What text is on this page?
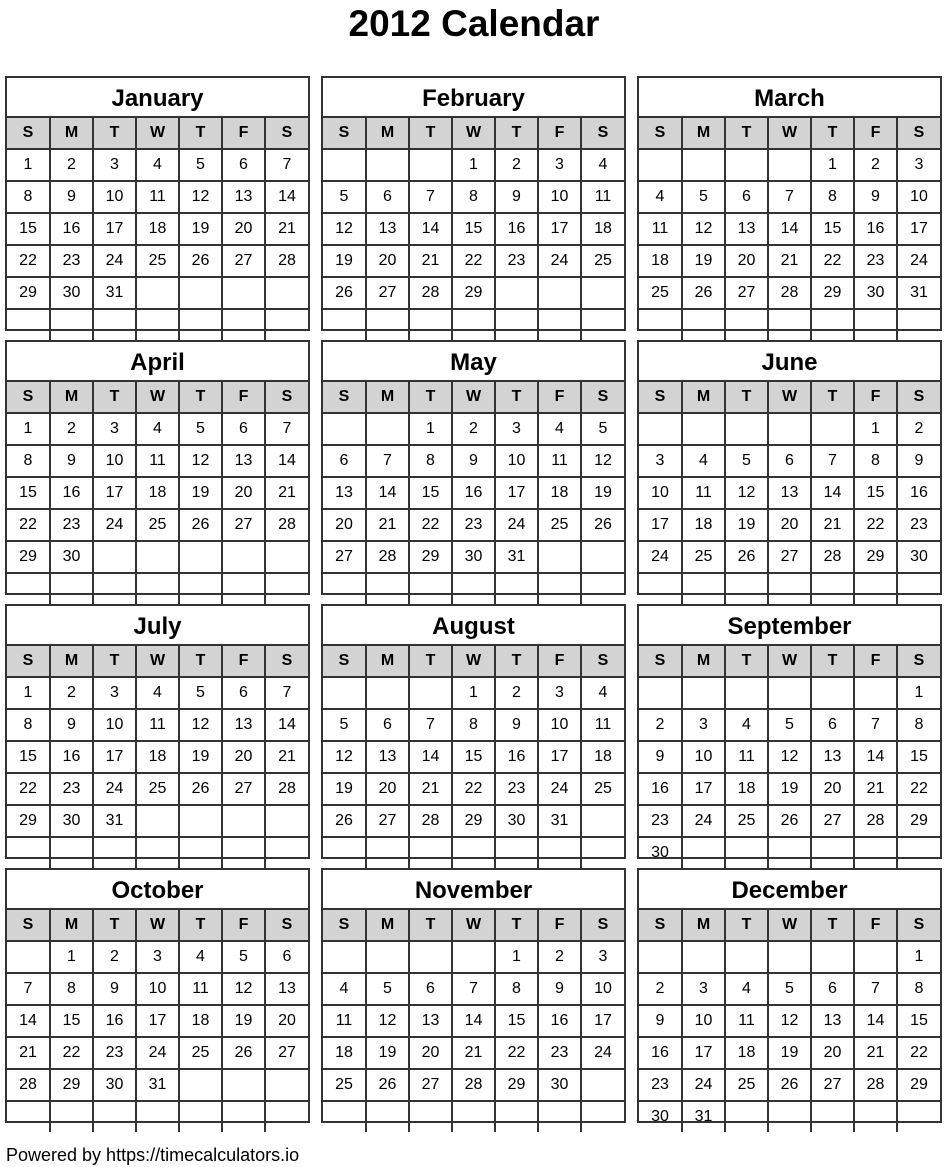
2012 Calendar
January
S	M	T	W	T	F	S
1	2	3	4	5	6	7
8	9	10	11	12	13	14
15	16	17	18	19	20	21
22	23	24	25	26	27	28
29	30	31				

February
S	M	T	W	T	F	S
			1	2	3	4
5	6	7	8	9	10	11
12	13	14	15	16	17	18
19	20	21	22	23	24	25
26	27	28	29			

March
S	M	T	W	T	F	S
				1	2	3
4	5	6	7	8	9	10
11	12	13	14	15	16	17
18	19	20	21	22	23	24
25	26	27	28	29	30	31

April
S	M	T	W	T	F	S
1	2	3	4	5	6	7
8	9	10	11	12	13	14
15	16	17	18	19	20	21
22	23	24	25	26	27	28
29	30					

May
S	M	T	W	T	F	S
		1	2	3	4	5
6	7	8	9	10	11	12
13	14	15	16	17	18	19
20	21	22	23	24	25	26
27	28	29	30	31		

June
S	M	T	W	T	F	S
					1	2
3	4	5	6	7	8	9
10	11	12	13	14	15	16
17	18	19	20	21	22	23
24	25	26	27	28	29	30

July
S	M	T	W	T	F	S
1	2	3	4	5	6	7
8	9	10	11	12	13	14
15	16	17	18	19	20	21
22	23	24	25	26	27	28
29	30	31				

August
S	M	T	W	T	F	S
			1	2	3	4
5	6	7	8	9	10	11
12	13	14	15	16	17	18
19	20	21	22	23	24	25
26	27	28	29	30	31	

September
S	M	T	W	T	F	S
						1
2	3	4	5	6	7	8
9	10	11	12	13	14	15
16	17	18	19	20	21	22
23	24	25	26	27	28	29
30						
October
S	M	T	W	T	F	S
	1	2	3	4	5	6
7	8	9	10	11	12	13
14	15	16	17	18	19	20
21	22	23	24	25	26	27
28	29	30	31			

November
S	M	T	W	T	F	S
				1	2	3
4	5	6	7	8	9	10
11	12	13	14	15	16	17
18	19	20	21	22	23	24
25	26	27	28	29	30	

December
S	M	T	W	T	F	S
						1
2	3	4	5	6	7	8
9	10	11	12	13	14	15
16	17	18	19	20	21	22
23	24	25	26	27	28	29
30	31					
Powered by https://timecalculators.io
